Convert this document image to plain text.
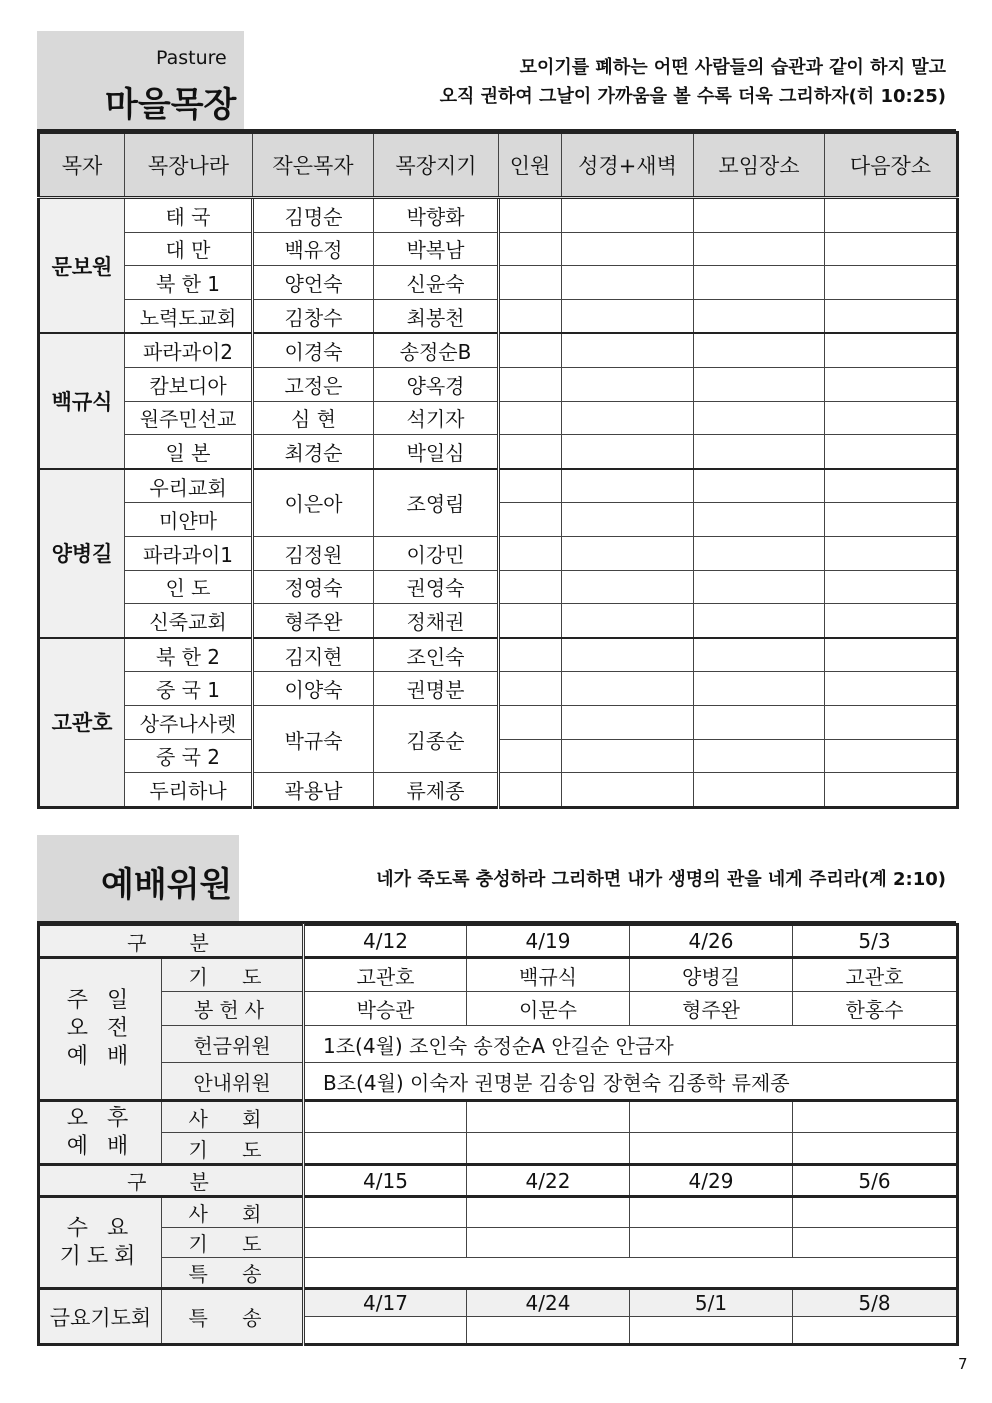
Pasture
마을목장
모이기를 폐하는 어떤 사람들의 습관과 같이 하지 말고
오직 권하여 그날이 가까움을 볼 수록 더욱 그리하자(히 10:25)
목자	목장나라	작은목자	목장지기	인원	성경+새벽	모임장소	다음장소
문보원	태 국	김명순	박향화				
	대 만	백유정	박복남				
	북 한 1	양언숙	신윤숙				
	노력도교회	김창수	최봉천				
백규식	파라과이2	이경숙	송정순B				
	캄보디아	고정은	양옥경				
	원주민선교	심 현	석기자				
	일 본	최경순	박일심				
양병길	우리교회	이은아	조영림				
	미얀마						
	파라과이1	김정원	이강민				
	인 도	정영숙	권영숙				
	신죽교회	형주완	정채권				
고관호	북 한 2	김지현	조인숙				
	중 국 1	이양숙	권명분				
	상주나사렛	박규숙	김종순				
	중 국 2						
	두리하나	곽용남	류제종				
예배위원	네가 죽도록 충성하라 그리하면 내가 생명의 관을 네게 주리라(계 2:10)
구   분		4/12	4/19	4/26	5/3
주 일
오 전
예 배	기 도	고관호	백규식	양병길	고관호
	봉헌사	박승관	이문수	형주완	한홍수
	헌금위원	1조(4월) 조인숙 송정순A 안길순 안금자			
	안내위원	B조(4월) 이숙자 권명분 김송임 장현숙 김종학 류제종			
오 후
예 배	사 회				
	기 도				
구   분		4/15	4/22	4/29	5/6
수 요
기도회	사 회				
	기 도				
	특 송				
금요기도회	특 송	4/17	4/24	5/1	5/8

7
